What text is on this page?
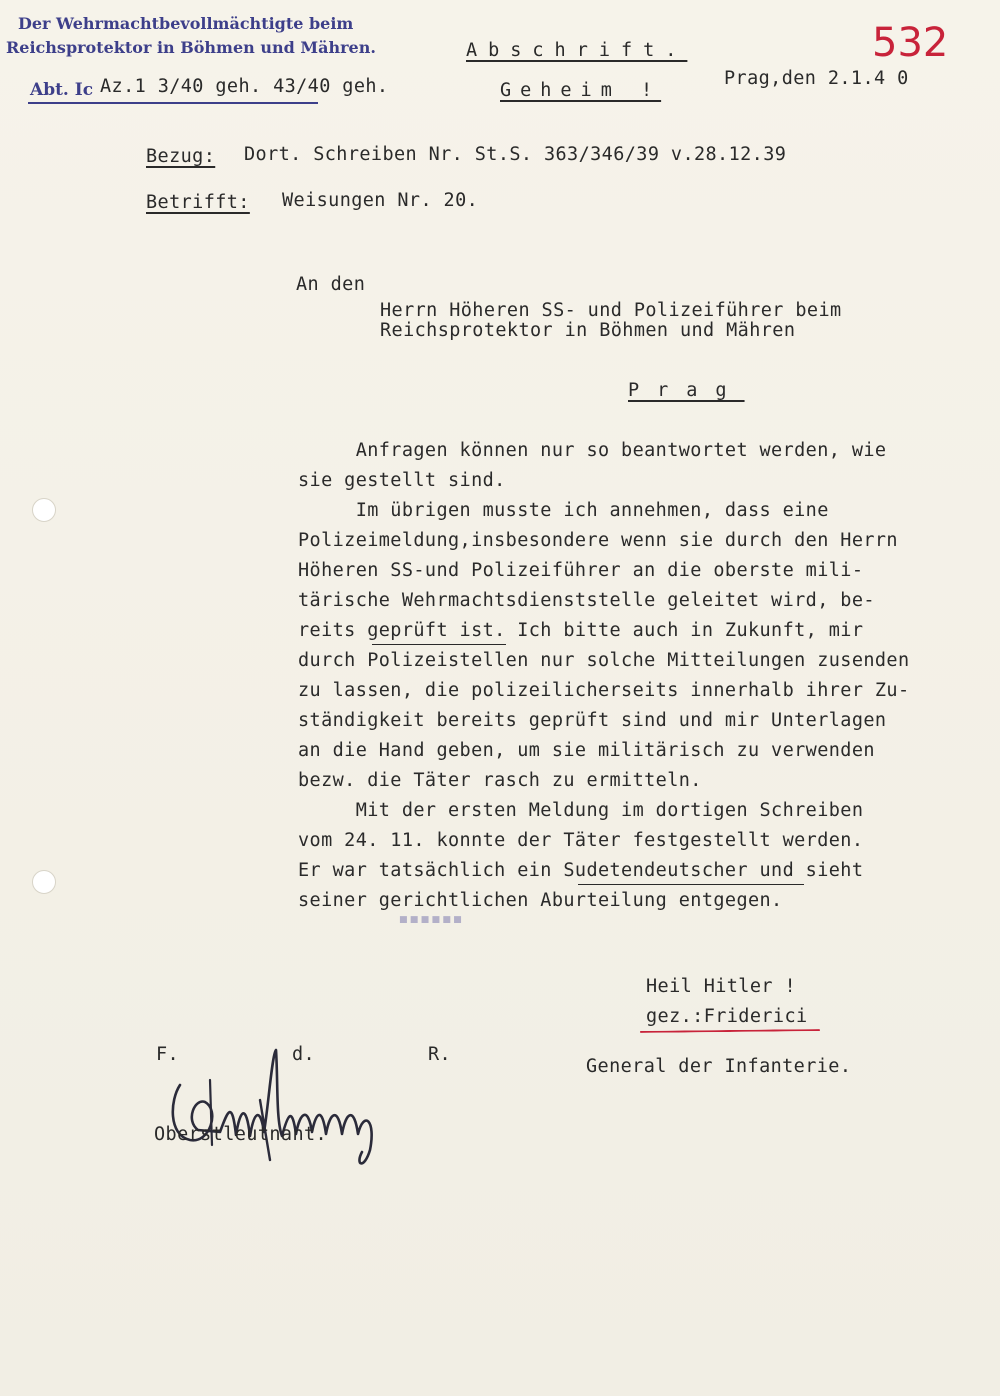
Der Wehrmachtbevollmächtigte beim
Reichsprotektor in Böhmen und Mähren.
Abt. Ic Az.1 3/40 geh. 43/40 geh.
Abschrift.
Geheim !
Prag,den 2.1.4 0
532
Bezug: Dort. Schreiben Nr. St.S. 363/346/39 v.28.12.39
Betrifft: Weisungen Nr. 20.
An den
Herrn Höheren SS- und Polizeiführer beim
Reichsprotektor in Böhmen und Mähren
Prag
Anfragen können nur so beantwortet werden, wie
sie gestellt sind.
Im übrigen musste ich annehmen, dass eine
Polizeimeldung,insbesondere wenn sie durch den Herrn
Höheren SS-und Polizeiführer an die oberste mili-
tärische Wehrmachtsdienststelle geleitet wird, be-
reits geprüft ist. Ich bitte auch in Zukunft, mir
durch Polizeistellen nur solche Mitteilungen zusenden
zu lassen, die polizeilicherseits innerhalb ihrer Zu-
ständigkeit bereits geprüft sind und mir Unterlagen
an die Hand geben, um sie militärisch zu verwenden
bezw. die Täter rasch zu ermitteln.
Mit der ersten Meldung im dortigen Schreiben
vom 24. 11. konnte der Täter festgestellt werden.
Er war tatsächlich ein Sudetendeutscher und sieht
seiner gerichtlichen Aburteilung entgegen.
▪▪▪▪▪▪
Heil Hitler !
gez.:Friderici
General der Infanterie.
F.	d.	R.
Oberstleutnant.
